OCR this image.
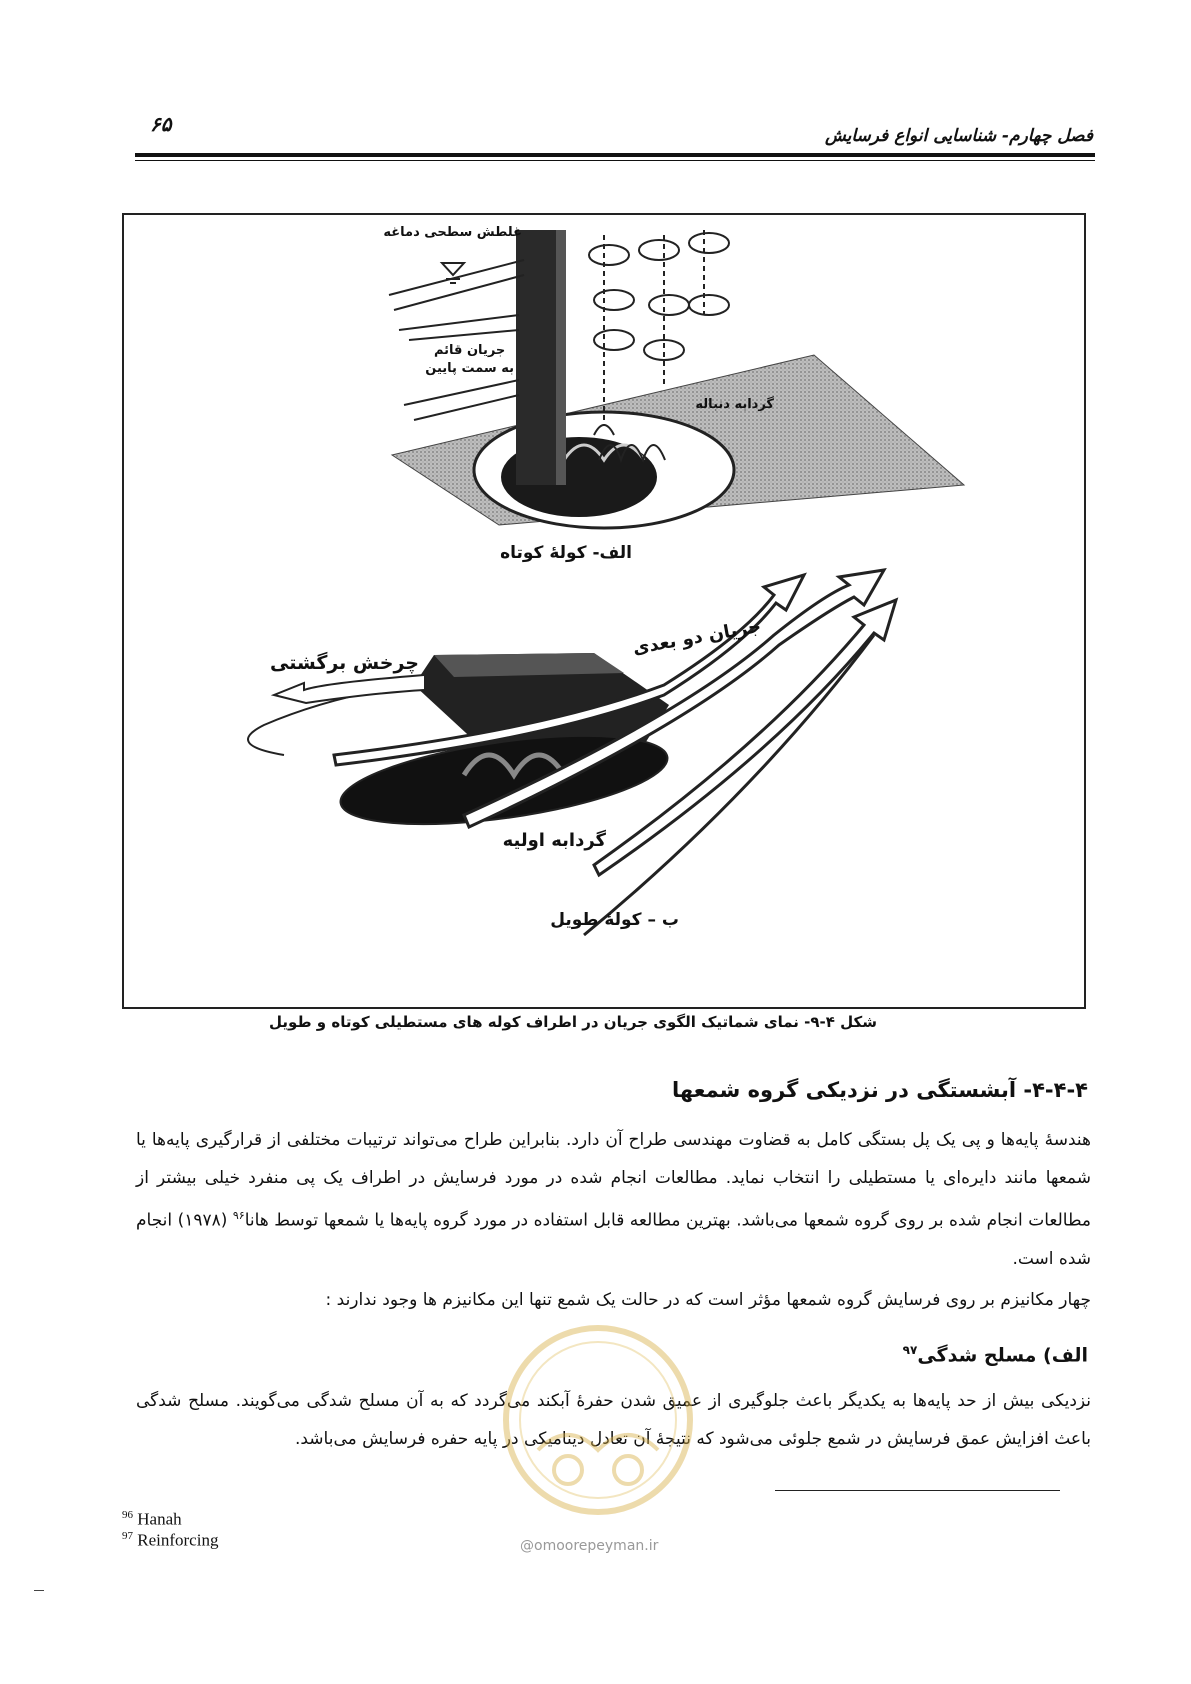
فصل چهارم- شناسایی انواع فرسایش
۶۵
غلطش سطحی دماغه
جریان قائم
به سمت پایین
گردابه دنباله
الف- کولهٔ کوتاه
چرخش برگشتی
جریان دو بعدی
گردابه اولیه
ب – کولهٔ طویل
شکل ۴-۹- نمای شماتیک الگوی جریان در اطراف کوله های مستطیلی کوتاه و طویل
۴-۴-۴- آبشستگی در نزدیکی گروه شمعها
هندسهٔ پایه‌ها و پی یک پل بستگی کامل به قضاوت مهندسی طراح آن دارد. بنابراین طراح می‌تواند ترتیبات مختلفی از قرارگیری پایه‌ها یا شمعها مانند دایره‌ای یا مستطیلی را انتخاب نماید. مطالعات انجام شده در مورد فرسایش در اطراف یک پی منفرد خیلی بیشتر از مطالعات انجام شده بر روی گروه شمعها می‌باشد. بهترین مطالعه قابل استفاده در مورد گروه پایه‌ها یا شمعها توسط هانا$^{۹۶}$ (۱۹۷۸) انجام شده است.
چهار مکانیزم بر روی فرسایش گروه شمعها مؤثر است که در حالت یک شمع تنها این مکانیزم ها وجود ندارند :
الف) مسلح شدگی$^{۹۷}$
نزدیکی بیش از حد پایه‌ها به یکدیگر باعث جلوگیری از عمیق شدن حفرهٔ آبکند می‌گردد که به آن مسلح شدگی می‌گویند. مسلح شدگی باعث افزایش عمق فرسایش در شمع جلوئی می‌شود که نتیجهٔ آن تعادل دینامیکی در پایه حفره فرسایش می‌باشد.
$^{96}$ Hanah
$^{97}$ Reinforcing	@omoorepeyman.ir
